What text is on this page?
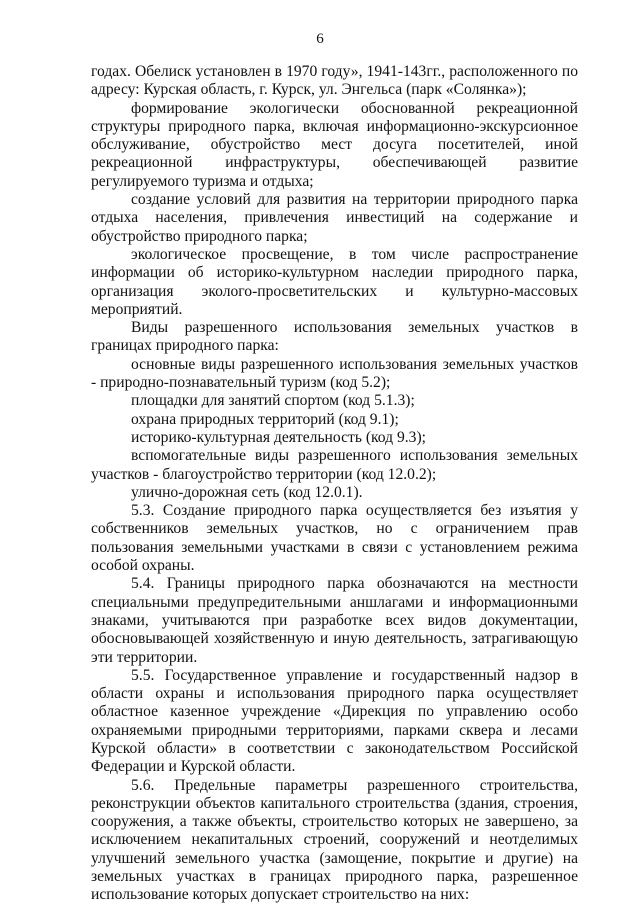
6

годах. Обелиск установлен в 1970 году», 1941-143гг., расположенного по адресу: Курская область, г. Курск, ул. Энгельса (парк «Солянка»);

формирование экологически обоснованной рекреационной структуры природного парка, включая информационно-экскурсионное обслуживание, обустройство мест досуга посетителей, иной рекреационной инфраструктуры, обеспечивающей развитие регулируемого туризма и отдыха;

создание условий для развития на территории природного парка отдыха населения, привлечения инвестиций на содержание и обустройство природного парка;

экологическое просвещение, в том числе распространение информации об историко-культурном наследии природного парка, организация эколого-просветительских и культурно-массовых мероприятий.

Виды разрешенного использования земельных участков в границах природного парка:

основные виды разрешенного использования земельных участков - природно-познавательный туризм (код 5.2);

площадки для занятий спортом (код 5.1.3);

охрана природных территорий (код 9.1);

историко-культурная деятельность (код 9.3);

вспомогательные виды разрешенного использования земельных участков - благоустройство территории (код 12.0.2);

улично-дорожная сеть (код 12.0.1).

5.3. Создание природного парка осуществляется без изъятия у собственников земельных участков, но с ограничением прав пользования земельными участками в связи с установлением режима особой охраны.

5.4. Границы природного парка обозначаются на местности специальными предупредительными аншлагами и информационными знаками, учитываются при разработке всех видов документации, обосновывающей хозяйственную и иную деятельность, затрагивающую эти территории.

5.5. Государственное управление и государственный надзор в области охраны и использования природного парка осуществляет областное казенное учреждение «Дирекция по управлению особо охраняемыми природными территориями, парками сквера и лесами Курской области» в соответствии с законодательством Российской Федерации и Курской области.

5.6. Предельные параметры разрешенного строительства, реконструкции объектов капитального строительства (здания, строения, сооружения, а также объекты, строительство которых не завершено, за исключением некапитальных строений, сооружений и неотделимых улучшений земельного участка (замощение, покрытие и другие) на земельных участках в границах природного парка, разрешенное использование которых допускает строительство на них:
